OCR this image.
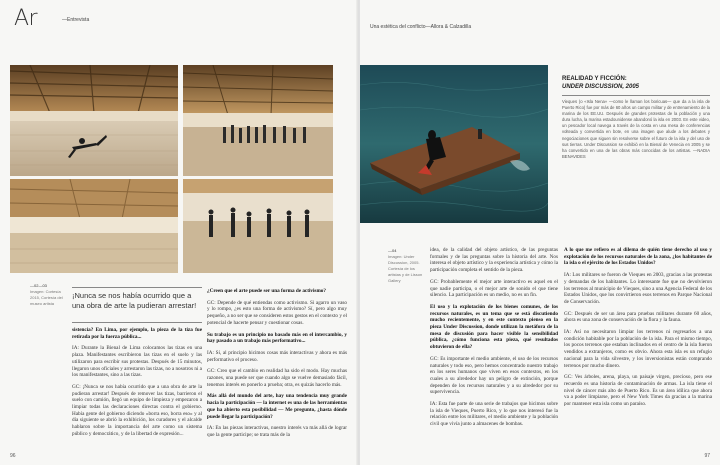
Ar	—Entrevista
—02—03
Imagen: Cortesía 2015, Cortesía del museo artista
¡Nunca se nos había ocurrido que a una obra de arte la pudieran arrestar!

sistencia? En Lima, por ejemplo, la pieza de la tiza fue retirada por la fuerza pública...

IA: Durante la Bienal de Lima colocamos las tizas en una plaza. Manifestantes escribieron las tizas en el suelo y las utilizaron para escribir sus protestas. Después de 15 minutos, llegaron unos oficiales y arrestaron las tizas, no a nosotros ni a los manifestantes, sino a las tizas.

GC: ¡Nunca se nos había ocurrido que a una obra de arte la pudieran arrestar! Después de remover las tizas, barrieron el suelo con camión, llegó un equipo de limpieza y empezaron a limpiar todas las declaraciones directas contra el gobierno. Había gente del gobierno diciendo «borra eso, borra eso» y al día siguiente se abrió la exhibición, los curadores y el alcalde hablaron sobre la importancia del arte como un sistema público y democrático, y de la libertad de expresión...

¿Creen que el arte puede ser una forma de activismo?

GC: Depende de qué entiendas como activismo. Si agarro un vaso y lo rompo, ¿es esto una forma de activismo? Sí, pero algo muy pequeño, a no ser que se consideren estos gestos en el contexto y el potencial de hacerte pensar y cuestionar cosas.

Su trabajo es un principio no basado más en el intercambio, y hay pasado a un trabajo más performativo...

IA: Sí, al principio hicimos cosas más interactivas y ahora es más performativo el proceso.

GC: Creo que el cambio en realidad ha sido el modo. Hay muchas razones, una puede ser que cuando algo se vuelve demasiado fácil, tenemos interés en ponerlo a prueba; otra, es quizás hacerlo más.

Más allá del mundo del arte, hay una tendencia muy grande hacia la participación — la internet es una de las herramientas que ha abierto esta posibilidad — Me pregunto, ¿hasta dónde puede llegar la participación?

IA: En las piezas interactivas, nuestro interés va más allá de lograr que la gente participe; se trata más de la

96
Una estética del conflicto—Allora & Calzadilla
REALIDAD Y FICCIÓN:
UNDER DISCUSSION, 2005
Vieques (o «Isla Nena» —como le llaman los boricuas— que da a la isla de Puerto Rico) fue por más de 60 años un campo militar y de entrenamiento de la marina de los EE.UU. Después de grandes protestas de la población y una dura lucha, la marina estadounidense abandonó la isla en 2003. En este video, un pescador local navega a través de la costa en una mesa de conferencias volteada y convertida en bote, en una imagen que alude a los debates y negociaciones que siguen sin resolverse sobre el futuro de la isla y del uso de sus tierras. Under Discussion se exhibió en la Bienal de Venecia en 2005 y se ha convertido en una de las obras más conocidas de los artistas. —NADIA BENAVIDES
—04
Imagen: Under Discussion, 2005. Cortesía de los artistas y de Lisson Gallery

idea, de la calidad del objeto artístico, de las preguntas formales y de las preguntas sobre la historia del arte. Nos interesa el objeto artístico y la experiencia artística y cómo la participación completa el sentido de la pieza.

GC: Probablemente el mejor arte interactivo es aquel en el que nadie participa, o el mejor arte de sonido el que tiene silencio. La participación es un medio, no es un fin.

El uso y la explotación de los bienes comunes, de los recursos naturales, es un tema que se está discutiendo mucho recientemente, y en este contexto pienso en la pieza Under Discussion, donde utilizan la metáfora de la mesa de discusión para hacer visible la sensibilidad pública, ¿cómo funciona esta pieza, qué resultados obtuvieron de ella?

GC: Es importante el medio ambiente, el uso de los recursos naturales y todo eso, pero hemos concentrado nuestro trabajo en los seres humanos que viven en esos contextos, en los cuales a su alrededor hay un peligro de extinción, porque dependen de los recursos naturales y a su alrededor por su supervivencia.

IA: Esta fue parte de una serie de trabajos que hicimos sobre la isla de Vieques, Puerto Rico, y lo que nos interesó fue la relación entre los militares, el medio ambiente y la población civil que vivía junto a almacenes de bombas.

A lo que me refiero es al dilema de quién tiene derecho al uso y explotación de los recursos naturales de la zona, ¿los habitantes de la isla o el ejército de los Estados Unidos?

IA: Los militares se fueron de Vieques en 2003, gracias a las protestas y demandas de los habitantes. Lo interesante fue que no devolvieron los terrenos al municipio de Vieques, sino a una Agencia Federal de los Estados Unidos, que los convirtieron esos terrenos en Parque Nacional de Conservación.

GC: Después de ser un área para pruebas militares durante 60 años, ahora es una zona de conservación de la flora y la fauna.

IA: Así no necesitaron limpiar los terrenos ni regresarlos a una condición habitable por la población de la isla. Para el mismo tiempo, los pocos terrenos que estaban inclinados en el centro de la isla fueron vendidos a extranjeros, como es obvio. Ahora esta isla es un refugio nacional para la vida silvestre, y los inversionistas están comprando terrenos por mucho dinero.

GC: Ves árboles, arena, playa, un paisaje virgen, precioso, pero ese recuerdo es una historia de contaminación de armas. La isla tiene el nivel de cáncer más alto de Puerto Rico. Es un área idílica que ahora va a poder limpiarse, pero el New York Times da gracias a la marina por mantener esta isla como un paraíso.

97
